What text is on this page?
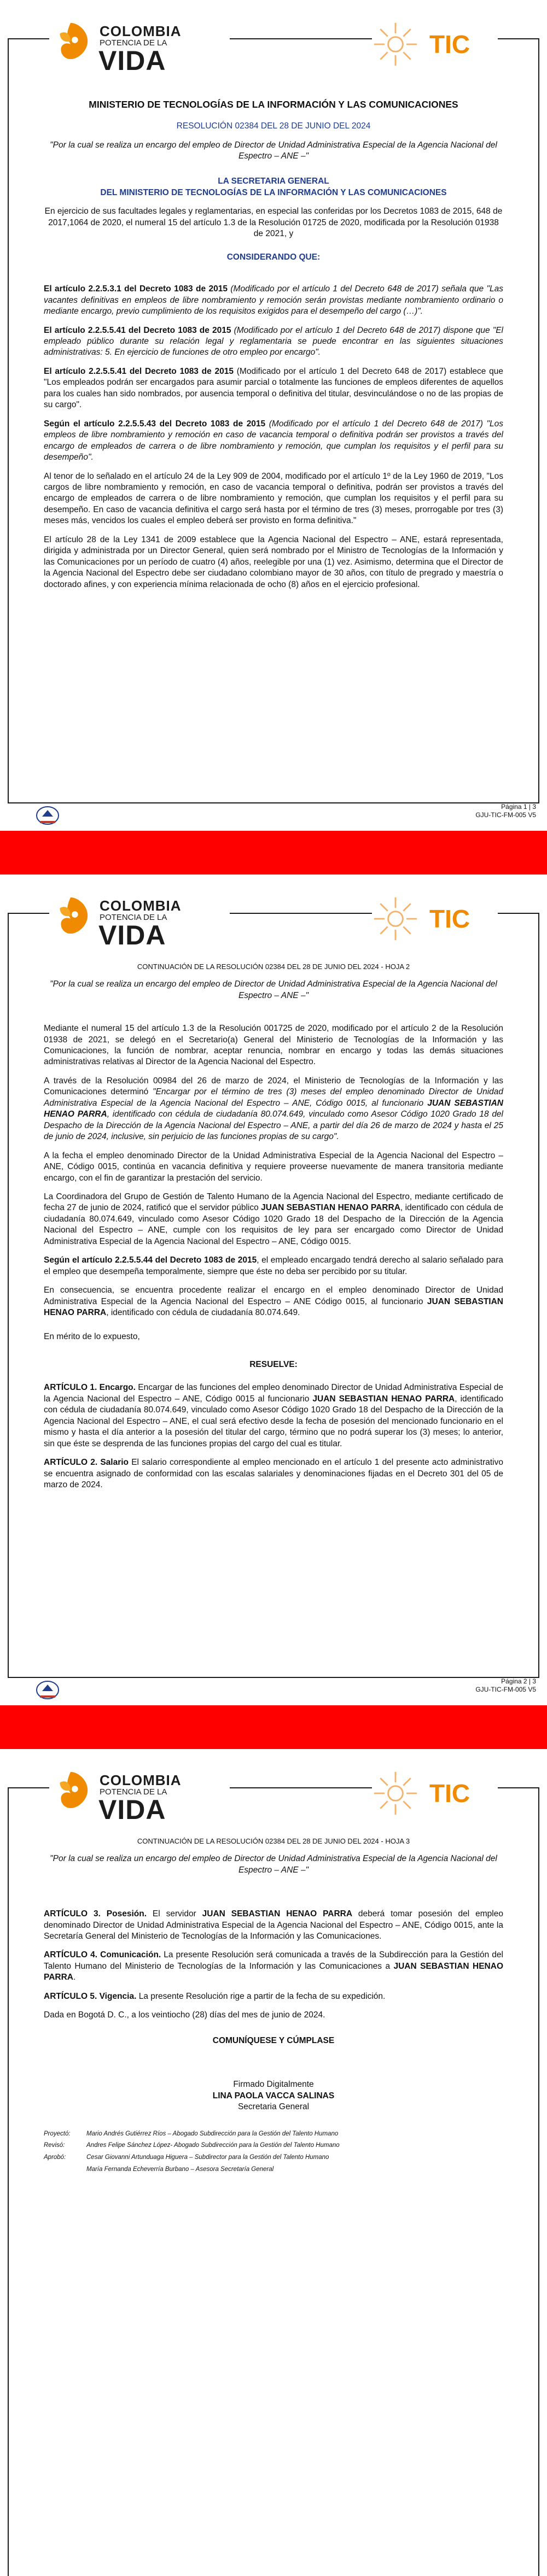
COLOMBIA
POTENCIA DE LA
VIDA
TIC

MINISTERIO DE TECNOLOGÍAS DE LA INFORMACIÓN Y LAS COMUNICACIONES

RESOLUCIÓN 02384 DEL 28 DE JUNIO DEL 2024

"Por la cual se realiza un encargo del empleo de Director de Unidad Administrativa Especial de la Agencia Nacional del Espectro – ANE –"

LA SECRETARIA GENERAL

DEL MINISTERIO DE TECNOLOGÍAS DE LA INFORMACIÓN Y LAS COMUNICACIONES

En ejercicio de sus facultades legales y reglamentarias, en especial las conferidas por los Decretos 1083 de 2015, 648 de 2017,1064 de 2020, el numeral 15 del artículo 1.3 de la Resolución 01725 de 2020, modificada por la Resolución 01938 de 2021, y

CONSIDERANDO QUE:

El artículo 2.2.5.3.1 del Decreto 1083 de 2015 (Modificado por el artículo 1 del Decreto 648 de 2017) señala que "Las vacantes definitivas en empleos de libre nombramiento y remoción serán provistas mediante nombramiento ordinario o mediante encargo, previo cumplimiento de los requisitos exigidos para el desempeño del cargo (…)".

El artículo 2.2.5.5.41 del Decreto 1083 de 2015 (Modificado por el artículo 1 del Decreto 648 de 2017) dispone que "El empleado público durante su relación legal y reglamentaria se puede encontrar en las siguientes situaciones administrativas: 5. En ejercicio de funciones de otro empleo por encargo".

El artículo 2.2.5.5.41 del Decreto 1083 de 2015 (Modificado por el artículo 1 del Decreto 648 de 2017) establece que "Los empleados podrán ser encargados para asumir parcial o totalmente las funciones de empleos diferentes de aquellos para los cuales han sido nombrados, por ausencia temporal o definitiva del titular, desvinculándose o no de las propias de su cargo".

Según el artículo 2.2.5.5.43 del Decreto 1083 de 2015 (Modificado por el artículo 1 del Decreto 648 de 2017) "Los empleos de libre nombramiento y remoción en caso de vacancia temporal o definitiva podrán ser provistos a través del encargo de empleados de carrera o de libre nombramiento y remoción, que cumplan los requisitos y el perfil para su desempeño".

Al tenor de lo señalado en el artículo 24 de la Ley 909 de 2004, modificado por el artículo 1º de la Ley 1960 de 2019, "Los cargos de libre nombramiento y remoción, en caso de vacancia temporal o definitiva, podrán ser provistos a través del encargo de empleados de carrera o de libre nombramiento y remoción, que cumplan los requisitos y el perfil para su desempeño. En caso de vacancia definitiva el cargo será hasta por el término de tres (3) meses, prorrogable por tres (3) meses más, vencidos los cuales el empleo deberá ser provisto en forma definitiva."

El artículo 28 de la Ley 1341 de 2009 establece que la Agencia Nacional del Espectro – ANE, estará representada, dirigida y administrada por un Director General, quien será nombrado por el Ministro de Tecnologías de la Información y las Comunicaciones por un período de cuatro (4) años, reelegible por una (1) vez. Asimismo, determina que el Director de la Agencia Nacional del Espectro debe ser ciudadano colombiano mayor de 30 años, con título de pregrado y maestría o doctorado afines, y con experiencia mínima relacionada de ocho (8) años en el ejercicio profesional.

Página 1 | 3
GJU-TIC-FM-005 V5
COLOMBIA
POTENCIA DE LA
VIDA
TIC

CONTINUACIÓN DE LA RESOLUCIÓN 02384 DEL 28 DE JUNIO DEL 2024 - HOJA 2

"Por la cual se realiza un encargo del empleo de Director de Unidad Administrativa Especial de la Agencia Nacional del Espectro – ANE –"

Mediante el numeral 15 del artículo 1.3 de la Resolución 001725 de 2020, modificado por el artículo 2 de la Resolución 01938 de 2021, se delegó en el Secretario(a) General del Ministerio de Tecnologías de la Información y las Comunicaciones, la función de nombrar, aceptar renuncia, nombrar en encargo y todas las demás situaciones administrativas relativas al Director de la Agencia Nacional del Espectro.

A través de la Resolución 00984 del 26 de marzo de 2024, el Ministerio de Tecnologías de la Información y las Comunicaciones determinó "Encargar por el término de tres (3) meses del empleo denominado Director de Unidad Administrativa Especial de la Agencia Nacional del Espectro – ANE, Código 0015, al funcionario JUAN SEBASTIAN HENAO PARRA, identificado con cédula de ciudadanía 80.074.649, vinculado como Asesor Código 1020 Grado 18 del Despacho de la Dirección de la Agencia Nacional del Espectro – ANE, a partir del día 26 de marzo de 2024 y hasta el 25 de junio de 2024, inclusive, sin perjuicio de las funciones propias de su cargo".

A la fecha el empleo denominado Director de la Unidad Administrativa Especial de la Agencia Nacional del Espectro – ANE, Código 0015, continúa en vacancia definitiva y requiere proveerse nuevamente de manera transitoria mediante encargo, con el fin de garantizar la prestación del servicio.

La Coordinadora del Grupo de Gestión de Talento Humano de la Agencia Nacional del Espectro, mediante certificado de fecha 27 de junio de 2024, ratificó que el servidor público JUAN SEBASTIAN HENAO PARRA, identificado con cédula de ciudadanía 80.074.649, vinculado como Asesor Código 1020 Grado 18 del Despacho de la Dirección de la Agencia Nacional del Espectro – ANE, cumple con los requisitos de ley para ser encargado como Director de Unidad Administrativa Especial de la Agencia Nacional del Espectro – ANE, Código 0015.

Según el artículo 2.2.5.5.44 del Decreto 1083 de 2015, el empleado encargado tendrá derecho al salario señalado para el empleo que desempeña temporalmente, siempre que éste no deba ser percibido por su titular.

En consecuencia, se encuentra procedente realizar el encargo en el empleo denominado Director de Unidad Administrativa Especial de la Agencia Nacional del Espectro – ANE Código 0015, al funcionario JUAN SEBASTIAN HENAO PARRA, identificado con cédula de ciudadanía 80.074.649.

En mérito de lo expuesto,

RESUELVE:

ARTÍCULO 1. Encargo. Encargar de las funciones del empleo denominado Director de Unidad Administrativa Especial de la Agencia Nacional del Espectro – ANE, Código 0015 al funcionario JUAN SEBASTIAN HENAO PARRA, identificado con cédula de ciudadanía 80.074.649, vinculado como Asesor Código 1020 Grado 18 del Despacho de la Dirección de la Agencia Nacional del Espectro – ANE, el cual será efectivo desde la fecha de posesión del mencionado funcionario en el mismo y hasta el día anterior a la posesión del titular del cargo, término que no podrá superar los (3) meses; lo anterior, sin que éste se desprenda de las funciones propias del cargo del cual es titular.

ARTÍCULO 2. Salario El salario correspondiente al empleo mencionado en el artículo 1 del presente acto administrativo se encuentra asignado de conformidad con las escalas salariales y denominaciones fijadas en el Decreto 301 del 05 de marzo de 2024.

Página 2 | 3
GJU-TIC-FM-005 V5
COLOMBIA
POTENCIA DE LA
VIDA
TIC

CONTINUACIÓN DE LA RESOLUCIÓN 02384 DEL 28 DE JUNIO DEL 2024 - HOJA 3

"Por la cual se realiza un encargo del empleo de Director de Unidad Administrativa Especial de la Agencia Nacional del Espectro – ANE –"

ARTÍCULO 3. Posesión. El servidor JUAN SEBASTIAN HENAO PARRA deberá tomar posesión del empleo denominado Director de Unidad Administrativa Especial de la Agencia Nacional del Espectro – ANE, Código 0015, ante la Secretaría General del Ministerio de Tecnologías de la Información y las Comunicaciones.

ARTÍCULO 4. Comunicación. La presente Resolución será comunicada a través de la Subdirección para la Gestión del Talento Humano del Ministerio de Tecnologías de la Información y las Comunicaciones a JUAN SEBASTIAN HENAO PARRA.

ARTÍCULO 5. Vigencia. La presente Resolución rige a partir de la fecha de su expedición.

Dada en Bogotá D. C., a los veintiocho (28) días del mes de junio de 2024.

COMUNÍQUESE Y CÚMPLASE

Firmado Digitalmente

LINA PAOLA VACCA SALINAS

Secretaria General

Proyectó:	Mario Andrés Gutiérrez Ríos – Abogado Subdirección para la Gestión del Talento Humano
Revisó:	Andres Felipe Sánchez López- Abogado Subdirección para la Gestión del Talento Humano
Aprobó:	Cesar Giovanni Artunduaga Higuera – Subdirector para la Gestión del Talento Humano
María Fernanda Echeverría Burbano – Asesora Secretaría General
